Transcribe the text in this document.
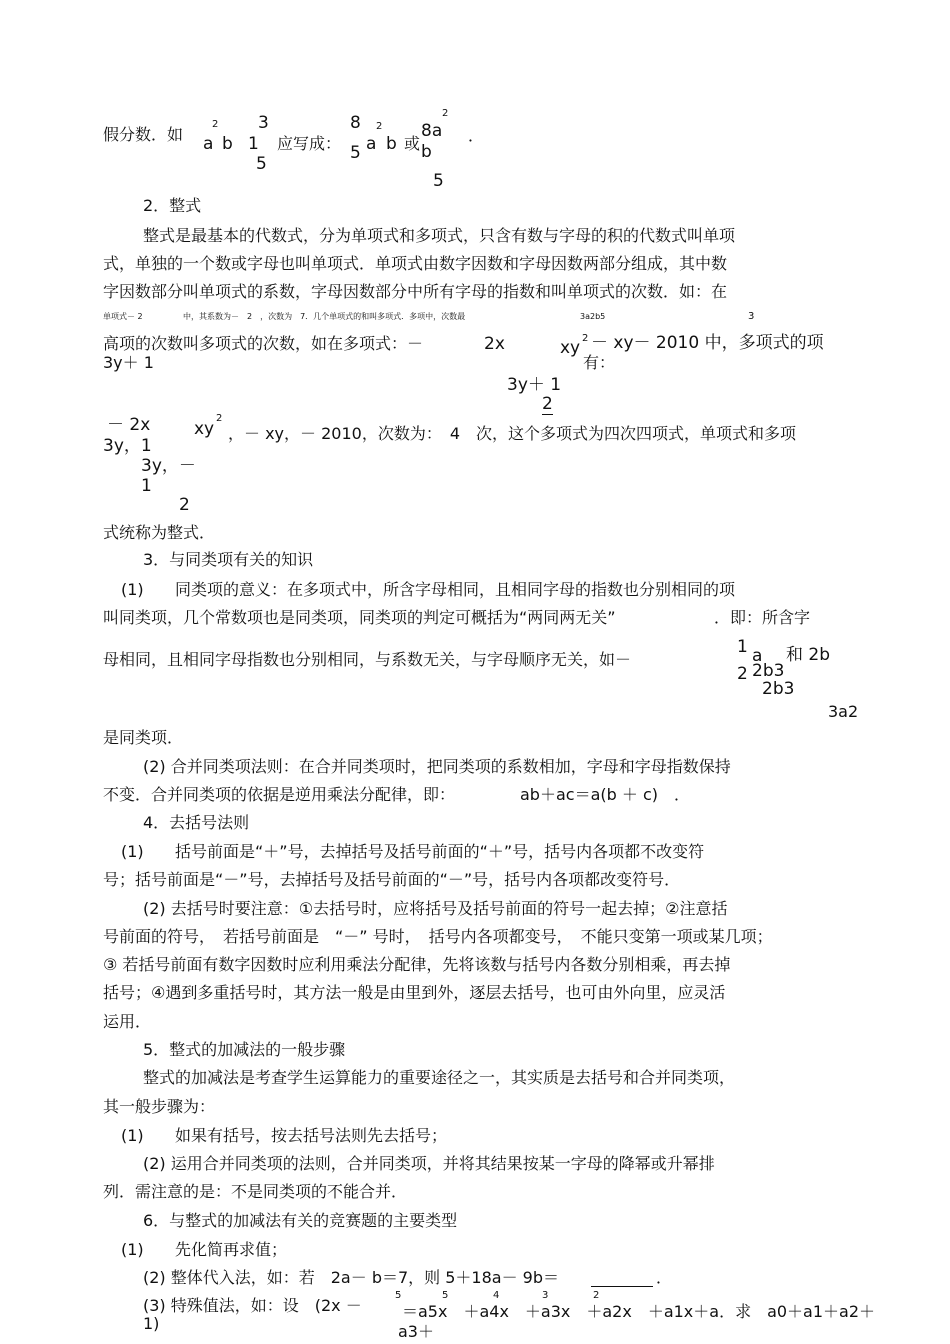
假分数．如 a
2
b
3
1
5
应写成：
8
5 a
2
b 或
8a
2
b
．
5
2．整式
整式是最基本的代数式，分为单项式和多项式，只含有数与字母的积的代数式叫单项
式，单独的一个数或字母也叫单项式．单项式由数字因数和字母因数两部分组成，其中数
字因数部分叫单项式的系数，字母因数部分中所有字母的指数和叫单项式的次数．如：在
单项式－ 2	中，其系数为－　2　，次数为　7．几个单项式的和叫多项式．多项中，次数最	3a2b5	3
高项的次数叫多项式的次数，如在多项式：－	2x	xy 2 － xy－ 2010 中，多项式的项
3y＋ 1	有：
3y＋ 1
2
－ 2x	xy
2
，－ xy，－ 2010，次数为：　4　次，这个多项式为四次四项式，单项式和多项
3y，1
3y，－
1
2
式统称为整式．
3．与同类项有关的知识
(1) 同类项的意义：在多项式中，所含字母相同，且相同字母的指数也分别相同的项
叫同类项，几个常数项也是同类项，同类项的判定可概括为“两同两无关”	．即：所含字
母相同，且相同字母指数也分别相同，与系数无关，与字母顺序无关，如－
1 a 和 2b
2 2b3
2b3
3a2
是同类项．
(2) 合并同类项法则：在合并同类项时，把同类项的系数相加，字母和字母指数保持
不变．合并同类项的依据是逆用乘法分配律，即：	ab＋ac＝a(b ＋ c)　．
4．去括号法则
(1) 括号前面是“＋”号，去掉括号及括号前面的“＋”号，括号内各项都不改变符
号；括号前面是“－”号，去掉括号及括号前面的“－”号，括号内各项都改变符号．
(2) 去括号时要注意：①去括号时，应将括号及括号前面的符号一起去掉；②注意括
号前面的符号，　若括号前面是　“－” 号时，　括号内各项都变号，　不能只变第一项或某几项；
③ 若括号前面有数字因数时应利用乘法分配律，先将该数与括号内各数分别相乘，再去掉
括号；④遇到多重括号时，其方法一般是由里到外，逐层去括号，也可由外向里，应灵活
运用．
5．整式的加减法的一般步骤
整式的加减法是考查学生运算能力的重要途径之一，其实质是去括号和合并同类项，
其一般步骤为：
(1) 如果有括号，按去括号法则先去括号；
(2) 运用合并同类项的法则，合并同类项，并将其结果按某一字母的降幂或升幂排
列．需注意的是：不是同类项的不能合并．
6．与整式的加减法有关的竞赛题的主要类型
(1) 先化简再求值；
(2) 整体代入法，如：若　2a－ b＝7，则 5＋18a－ 9b＝	．
(3) 特殊值法，如：设　(2x －
1)
5	5	4	3	2
＝a5x　＋a4x　＋a3x　＋a2x　＋a1x＋a．求　a0＋a1＋a2＋
a3＋
